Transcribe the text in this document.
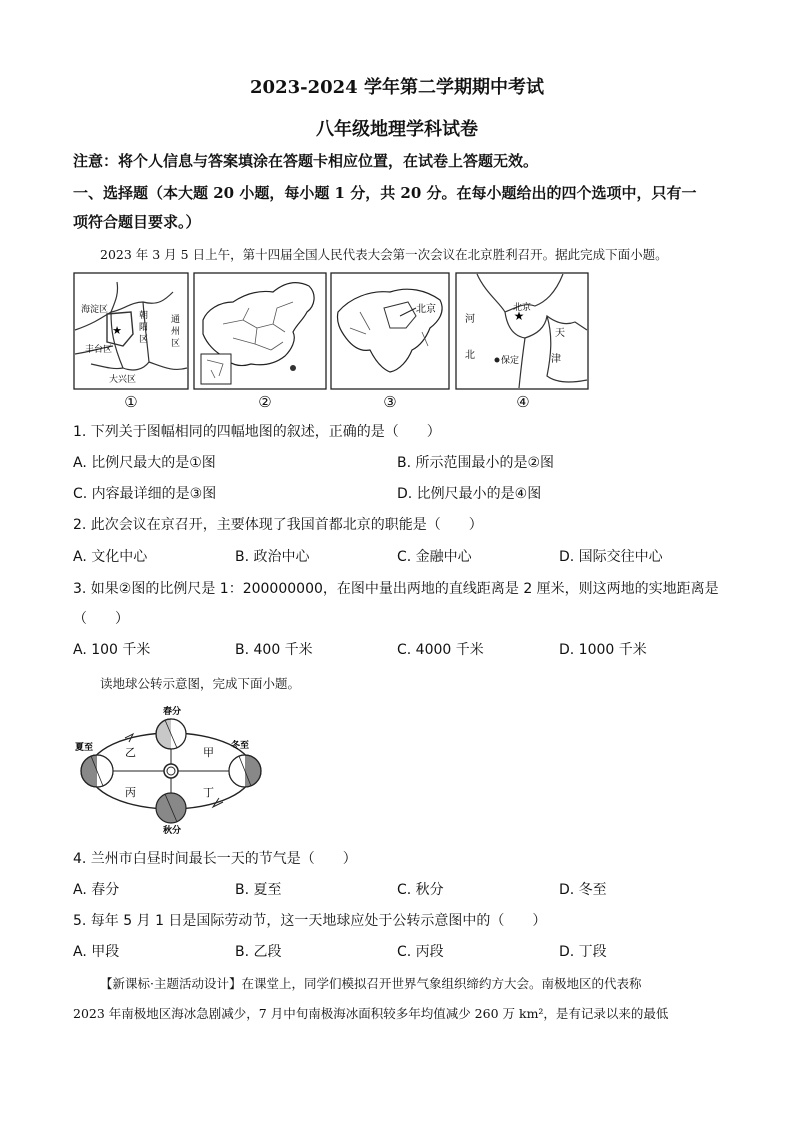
2023-2024 学年第二学期期中考试
八年级地理学科试卷
注意：将个人信息与答案填涂在答题卡相应位置，在试卷上答题无效。
一、选择题（本大题 20 小题，每小题 1 分，共 20 分。在每小题给出的四个选项中，只有一
项符合题目要求。）
2023 年 3 月 5 日上午，第十四届全国人民代表大会第一次会议在北京胜利召开。据此完成下面小题。
★
海淀区
朝
阳
区
通
州
区
丰台区
大兴区
①	②
北京
③
★
北京
河
北	保定
天
津
④
1. 下列关于图幅相同的四幅地图的叙述，正确的是（　　）
A. 比例尺最大的是①图	B. 所示范围最小的是②图
C. 内容最详细的是③图	D. 比例尺最小的是④图
2. 此次会议在京召开，主要体现了我国首都北京的职能是（　　）
A. 文化中心	B. 政治中心	C. 金融中心	D. 国际交往中心
3. 如果②图的比例尺是 1：200000000，在图中量出两地的直线距离是 2 厘米，则这两地的实地距离是
（　　）
A. 100 千米	B. 400 千米	C. 4000 千米	D. 1000 千米
读地球公转示意图，完成下面小题。
春分
夏至	冬至
秋分
甲
乙
丙	丁
4. 兰州市白昼时间最长一天的节气是（　　）
A. 春分	B. 夏至	C. 秋分	D. 冬至
5. 每年 5 月 1 日是国际劳动节，这一天地球应处于公转示意图中的（　　）
A. 甲段	B. 乙段	C. 丙段	D. 丁段
【新课标·主题活动设计】在课堂上，同学们模拟召开世界气象组织缔约方大会。南极地区的代表称
2023 年南极地区海冰急剧减少，7 月中旬南极海冰面积较多年均值减少 260 万 km²，是有记录以来的最低
